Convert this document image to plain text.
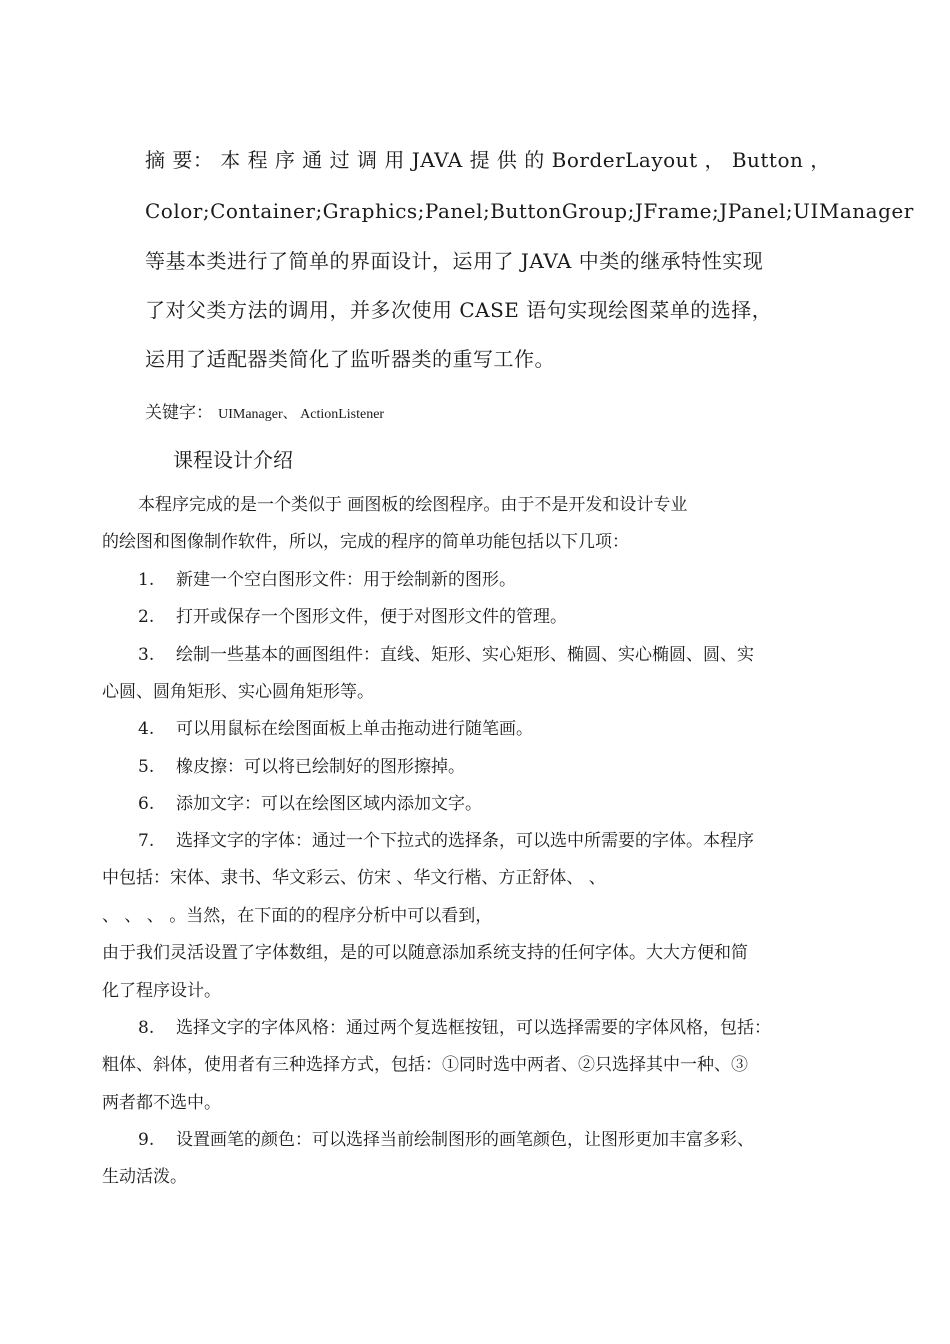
摘 要： 本 程 序 通 过 调 用 JAVA 提 供 的 BorderLayout ， Button ，
Color;Container;Graphics;Panel;ButtonGroup;JFrame;JPanel;UIManager
等基本类进行了简单的界面设计，运用了 JAVA 中类的继承特性实现
了对父类方法的调用，并多次使用 CASE 语句实现绘图菜单的选择，
运用了适配器类简化了监听器类的重写工作。
关键字： UIManager、 ActionListener
课程设计介绍
本程序完成的是一个类似于 画图板的绘图程序。由于不是开发和设计专业
的绘图和图像制作软件，所以，完成的程序的简单功能包括以下几项：
1. 新建一个空白图形文件：用于绘制新的图形。
2. 打开或保存一个图形文件，便于对图形文件的管理。
3. 绘制一些基本的画图组件：直线、矩形、实心矩形、椭圆、实心椭圆、圆、实
心圆、圆角矩形、实心圆角矩形等。
4. 可以用鼠标在绘图面板上单击拖动进行随笔画。
5. 橡皮擦：可以将已绘制好的图形擦掉。
6. 添加文字：可以在绘图区域内添加文字。
7. 选择文字的字体：通过一个下拉式的选择条，可以选中所需要的字体。本程序
中包括：宋体、隶书、华文彩云、仿宋 、华文行楷、方正舒体、 、
、 、 、 。当然，在下面的的程序分析中可以看到，
由于我们灵活设置了字体数组，是的可以随意添加系统支持的任何字体。大大方便和简
化了程序设计。
8. 选择文字的字体风格：通过两个复选框按钮，可以选择需要的字体风格，包括：
粗体、斜体，使用者有三种选择方式，包括：①同时选中两者、②只选择其中一种、③
两者都不选中。
9. 设置画笔的颜色：可以选择当前绘制图形的画笔颜色，让图形更加丰富多彩、
生动活泼。
